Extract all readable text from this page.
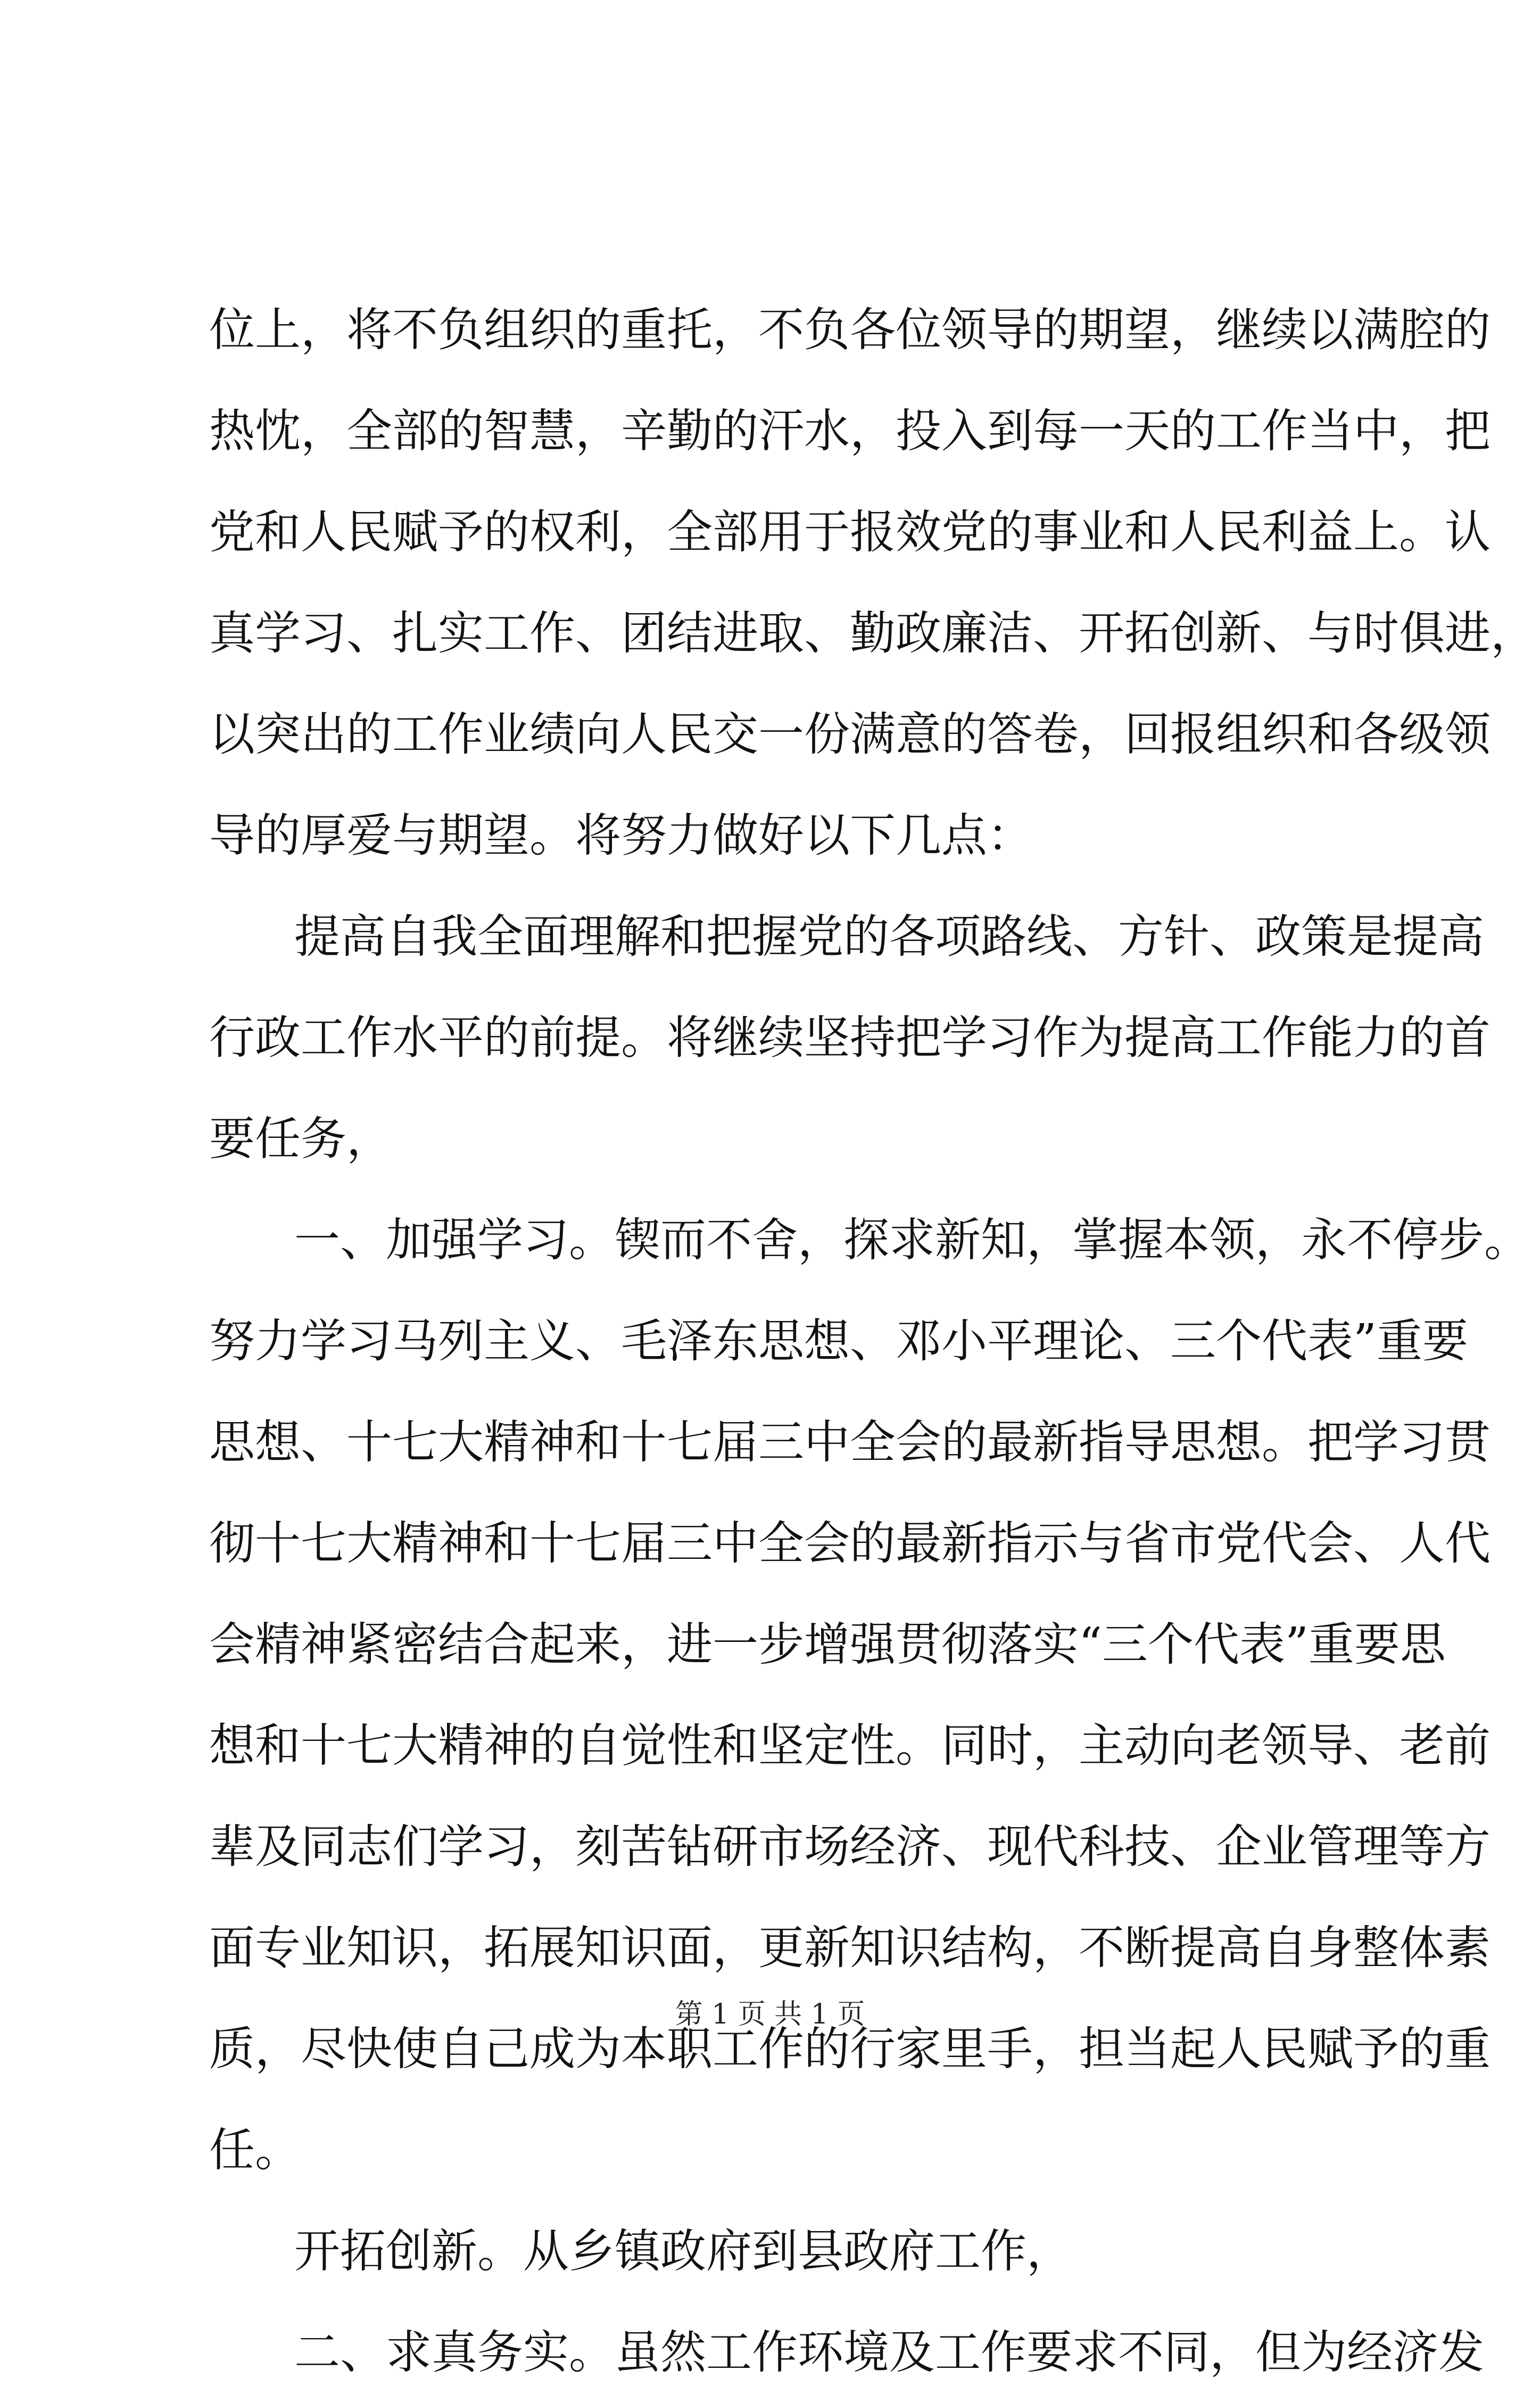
位上，将不负组织的重托，不负各位领导的期望，继续以满腔的
热忱，全部的智慧，辛勤的汗水，投入到每一天的工作当中，把
党和人民赋予的权利，全部用于报效党的事业和人民利益上。认
真学习、扎实工作、团结进取、勤政廉洁、开拓创新、与时俱进，
以突出的工作业绩向人民交一份满意的答卷，回报组织和各级领
导的厚爱与期望。将努力做好以下几点：
提高自我全面理解和把握党的各项路线、方针、政策是提高
行政工作水平的前提。将继续坚持把学习作为提高工作能力的首
要任务，
一、加强学习。锲而不舍，探求新知，掌握本领，永不停步。
努力学习马列主义、毛泽东思想、邓小平理论、三个代表”重要
思想、十七大精神和十七届三中全会的最新指导思想。把学习贯
彻十七大精神和十七届三中全会的最新指示与省市党代会、人代
会精神紧密结合起来，进一步增强贯彻落实“三个代表”重要思
想和十七大精神的自觉性和坚定性。同时，主动向老领导、老前
辈及同志们学习，刻苦钻研市场经济、现代科技、企业管理等方
面专业知识，拓展知识面，更新知识结构，不断提高自身整体素
质，尽快使自己成为本职工作的行家里手，担当起人民赋予的重
任。
开拓创新。从乡镇政府到县政府工作，
二、求真务实。虽然工作环境及工作要求不同，但为经济发
第 1 页 共 1 页
